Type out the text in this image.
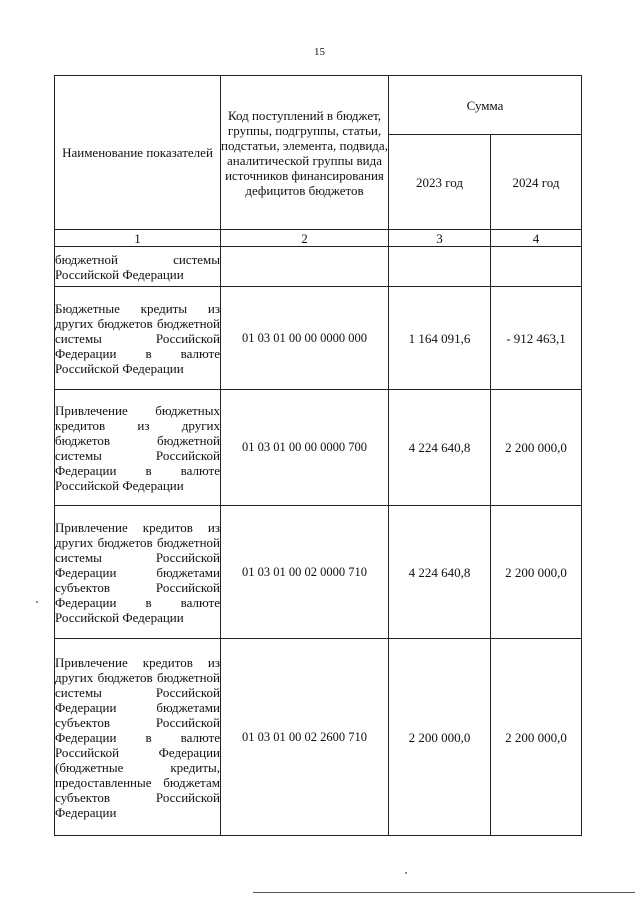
15
Наименование показателей	Код поступлений в бюджет, группы, подгруппы, статьи, подстатьи, элемента, подвида, аналитической группы вида источников финансирования дефицитов бюджетов	Сумма	
		2023 год	2024 год
1	2	3	4
бюджетной системы Российской Федерации			
Бюджетные кредиты из других бюджетов бюджетной системы Российской Федерации в валюте Российской Федерации	01 03 01 00 00 0000 000	1 164 091,6	- 912 463,1
Привлечение бюджетных кредитов из других бюджетов бюджетной системы Российской Федерации в валюте Российской Федерации	01 03 01 00 00 0000 700	4 224 640,8	2 200 000,0
Привлечение кредитов из других бюджетов бюджетной системы Российской Федерации бюджетами субъектов Российской Федерации в валюте Российской Федерации	01 03 01 00 02 0000 710	4 224 640,8	2 200 000,0
Привлечение кредитов из других бюджетов бюджетной системы Российской Федерации бюджетами субъектов Российской Федерации в валюте Российской Федерации (бюджетные кредиты, предоставленные бюджетам субъектов Российской Федерации	01 03 01 00 02 2600 710	2 200 000,0	2 200 000,0
